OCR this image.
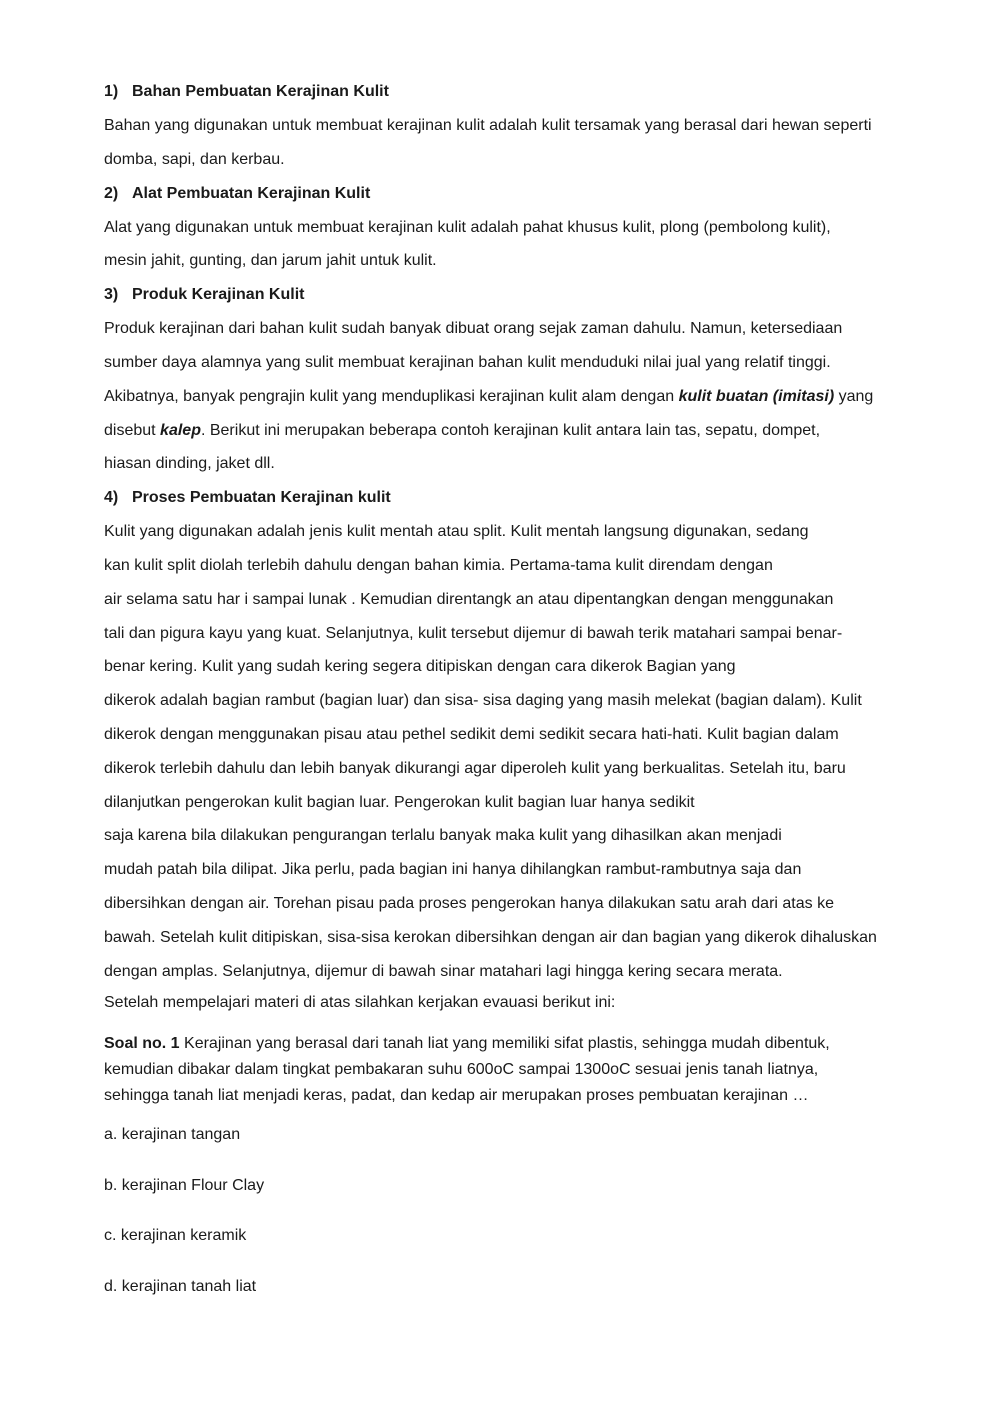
1) Bahan Pembuatan Kerajinan Kulit
Bahan yang digunakan untuk membuat kerajinan kulit adalah kulit tersamak yang berasal dari hewan seperti
domba, sapi, dan kerbau.
2) Alat Pembuatan Kerajinan Kulit
Alat yang digunakan untuk membuat kerajinan kulit adalah pahat khusus kulit, plong (pembolong kulit),
mesin jahit, gunting, dan jarum jahit untuk kulit.
3) Produk Kerajinan Kulit
Produk kerajinan dari bahan kulit sudah banyak dibuat orang sejak zaman dahulu. Namun, ketersediaan
sumber daya alamnya yang sulit membuat kerajinan bahan kulit menduduki nilai jual yang relatif tinggi.
Akibatnya, banyak pengrajin kulit yang menduplikasi kerajinan kulit alam dengan kulit buatan (imitasi) yang
disebut kalep. Berikut ini merupakan beberapa contoh kerajinan kulit antara lain tas, sepatu, dompet,
hiasan dinding, jaket dll.
4) Proses Pembuatan Kerajinan kulit
Kulit yang digunakan adalah jenis kulit mentah atau split. Kulit mentah langsung digunakan, sedang
kan kulit split diolah terlebih dahulu dengan bahan kimia. Pertama-tama kulit direndam dengan
air selama satu har i sampai lunak . Kemudian direntangk an atau dipentangkan dengan menggunakan
tali dan pigura kayu yang kuat. Selanjutnya, kulit tersebut dijemur di bawah terik matahari sampai benar-
benar kering. Kulit yang sudah kering segera ditipiskan dengan cara dikerok Bagian yang
dikerok adalah bagian rambut (bagian luar) dan sisa- sisa daging yang masih melekat (bagian dalam). Kulit
dikerok dengan menggunakan pisau atau pethel sedikit demi sedikit secara hati-hati. Kulit bagian dalam
dikerok terlebih dahulu dan lebih banyak dikurangi agar diperoleh kulit yang berkualitas. Setelah itu, baru
dilanjutkan pengerokan kulit bagian luar. Pengerokan kulit bagian luar hanya sedikit
saja karena bila dilakukan pengurangan terlalu banyak maka kulit yang dihasilkan akan menjadi
mudah patah bila dilipat. Jika perlu, pada bagian ini hanya dihilangkan rambut-rambutnya saja dan
dibersihkan dengan air. Torehan pisau pada proses pengerokan hanya dilakukan satu arah dari atas ke
bawah. Setelah kulit ditipiskan, sisa-sisa kerokan dibersihkan dengan air dan bagian yang dikerok dihaluskan
dengan amplas. Selanjutnya, dijemur di bawah sinar matahari lagi hingga kering secara merata.
Setelah mempelajari materi di atas silahkan kerjakan evauasi berikut ini:
Soal no. 1 Kerajinan yang berasal dari tanah liat yang memiliki sifat plastis, sehingga mudah dibentuk,
kemudian dibakar dalam tingkat pembakaran suhu 600oC sampai 1300oC sesuai jenis tanah liatnya,
sehingga tanah liat menjadi keras, padat, dan kedap air merupakan proses pembuatan kerajinan …
a. kerajinan tangan
b. kerajinan Flour Clay
c. kerajinan keramik
d. kerajinan tanah liat
